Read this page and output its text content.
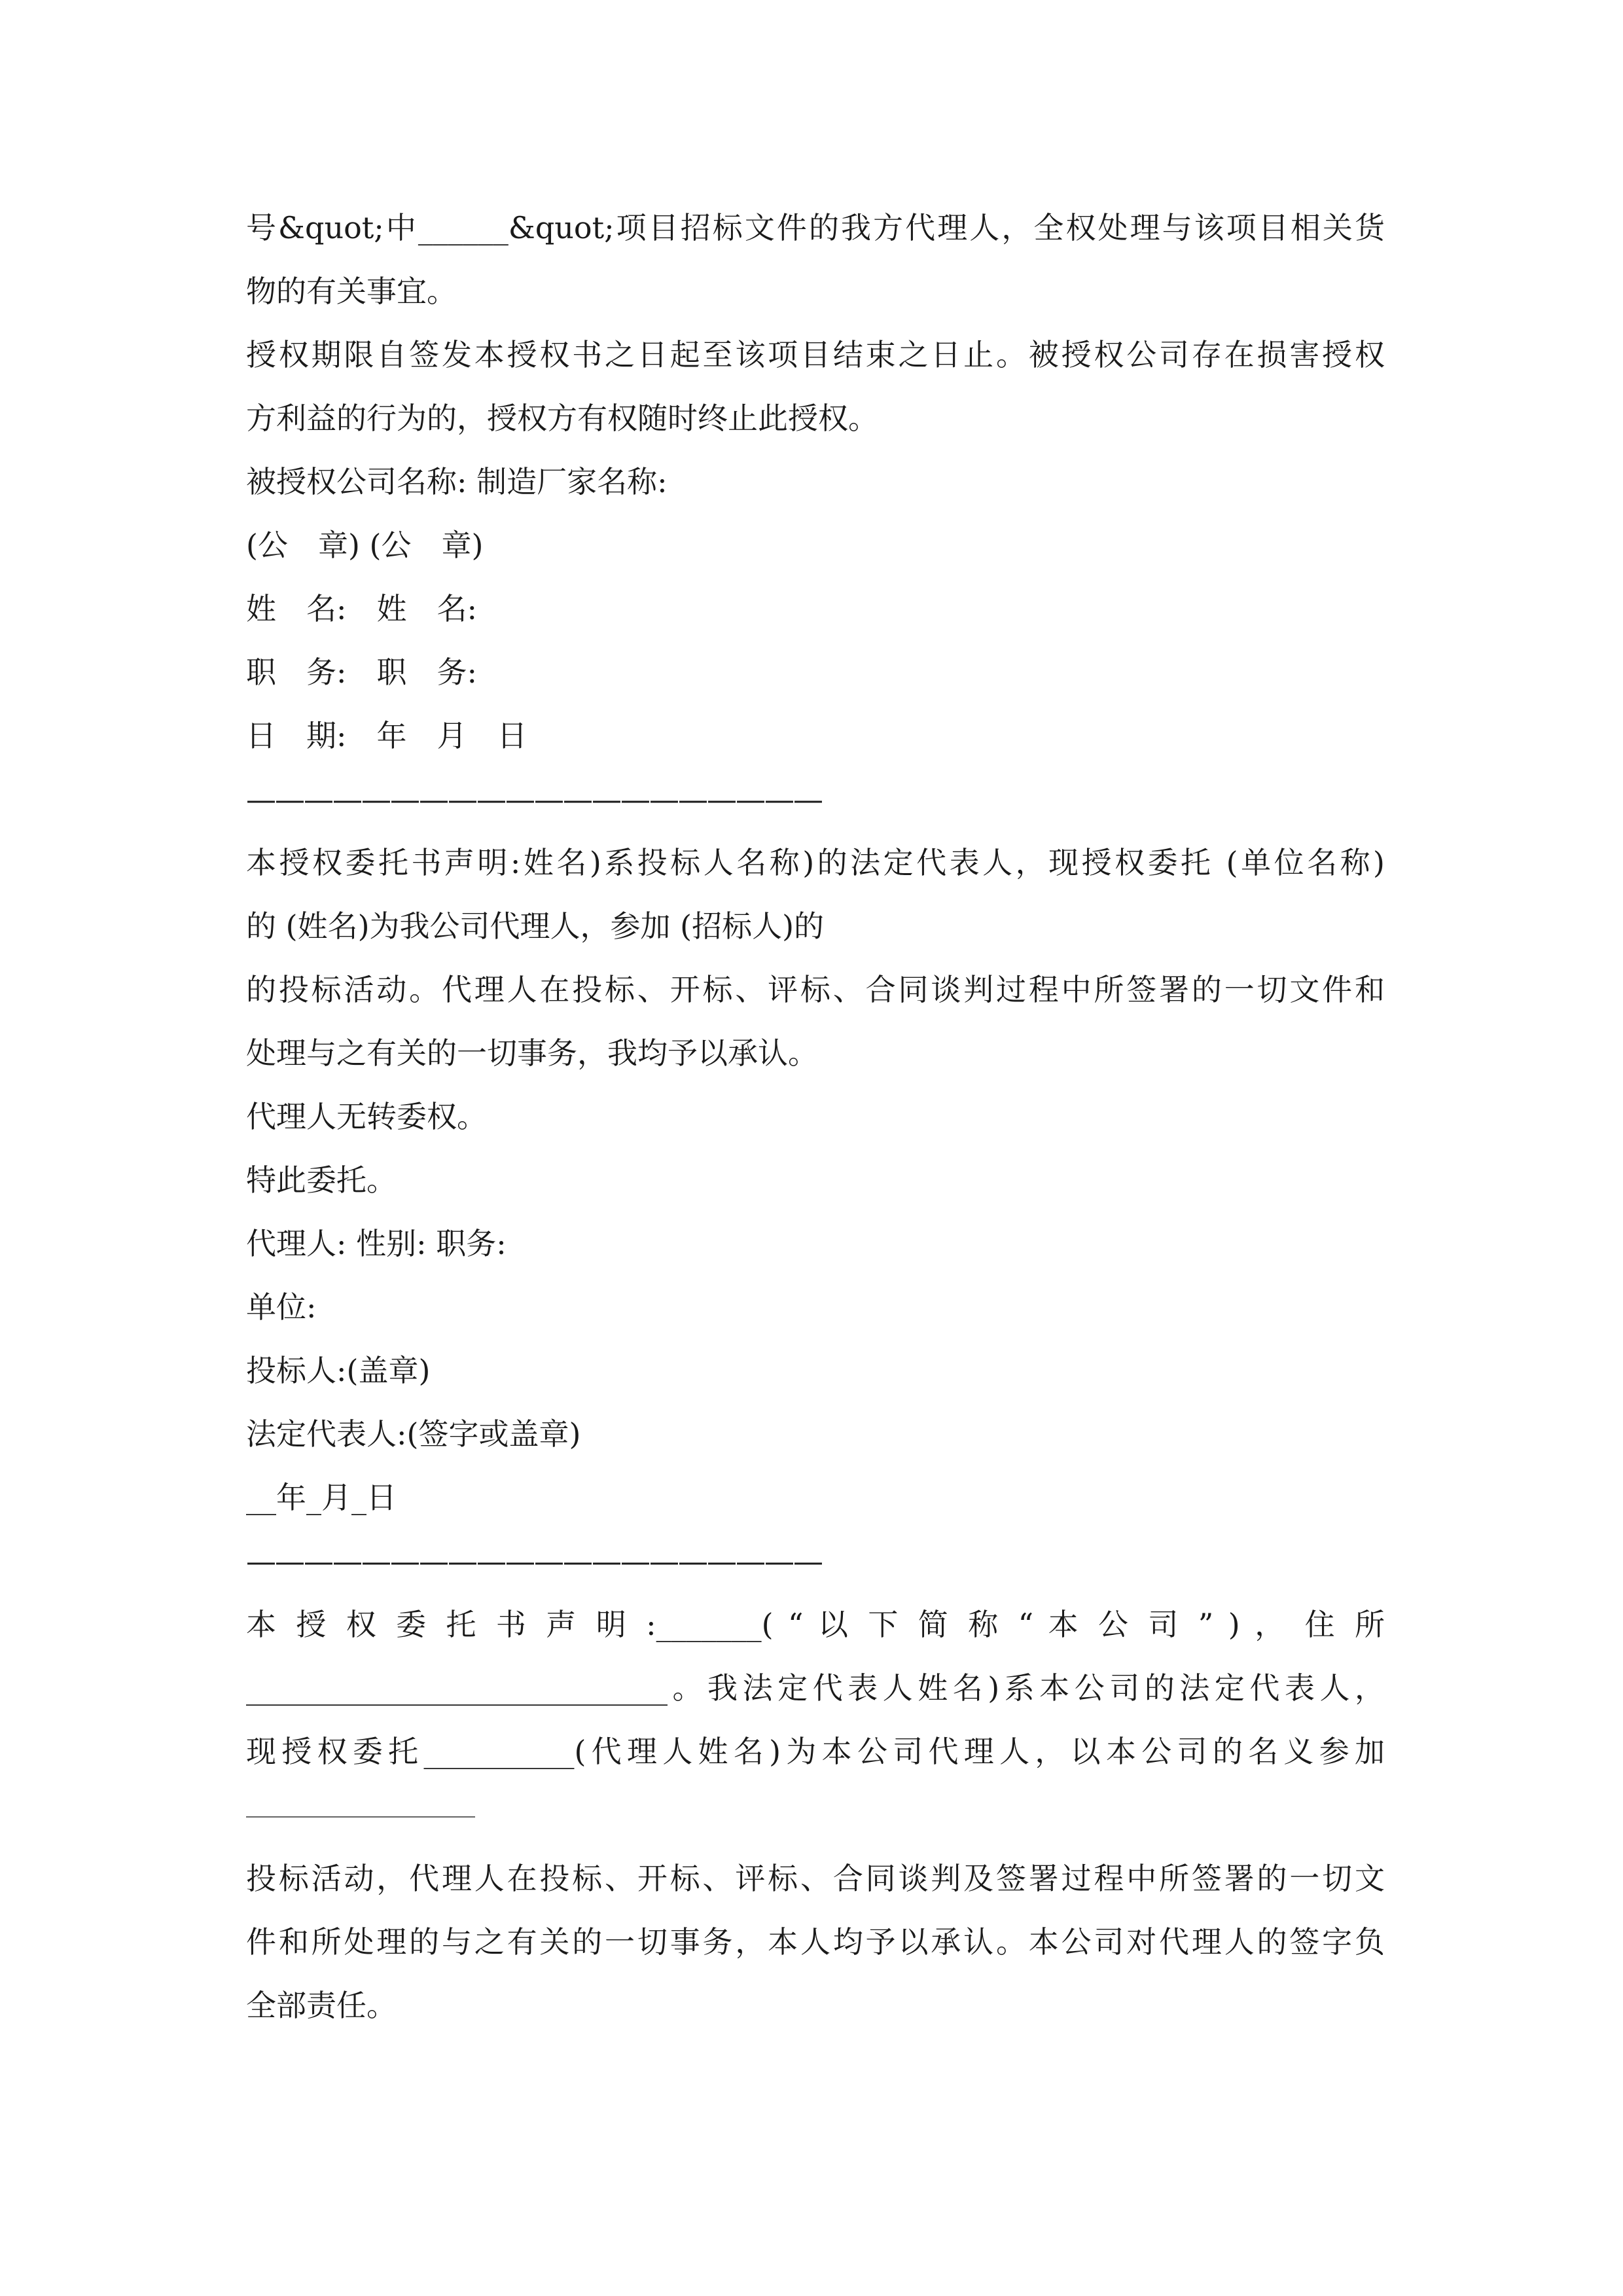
号&quot;中______&quot;项目招标文件的我方代理人，全权处理与该项目相关货
物的有关事宜。
授权期限自签发本授权书之日起至该项目结束之日止。被授权公司存在损害授权
方利益的行为的，授权方有权随时终止此授权。
被授权公司名称: 制造厂家名称:
(公　章) (公　章)
姓　名:　姓　名:
职　务:　职　务:
日　期:　年　月　日
————————————————————
本授权委托书声明:姓名)系投标人名称)的法定代表人，现授权委托 (单位名称)
的 (姓名)为我公司代理人，参加 (招标人)的
的投标活动。代理人在投标、开标、评标、合同谈判过程中所签署的一切文件和
处理与之有关的一切事务，我均予以承认。
代理人无转委权。
特此委托。
代理人: 性别: 职务:
单位:
投标人:(盖章)
法定代表人:(签字或盖章)
__年_月_日
————————————————————
本 授 权 委 托 书 声 明 :_______( “ 以 下 简 称 “ 本 公 司 ” ) ， 住 所
____________________________。我法定代表人姓名)系本公司的法定代表人，
现授权委托__________(代理人姓名)为本公司代理人，以本公司的名义参加
投标活动，代理人在投标、开标、评标、合同谈判及签署过程中所签署的一切文
件和所处理的与之有关的一切事务，本人均予以承认。本公司对代理人的签字负
全部责任。
